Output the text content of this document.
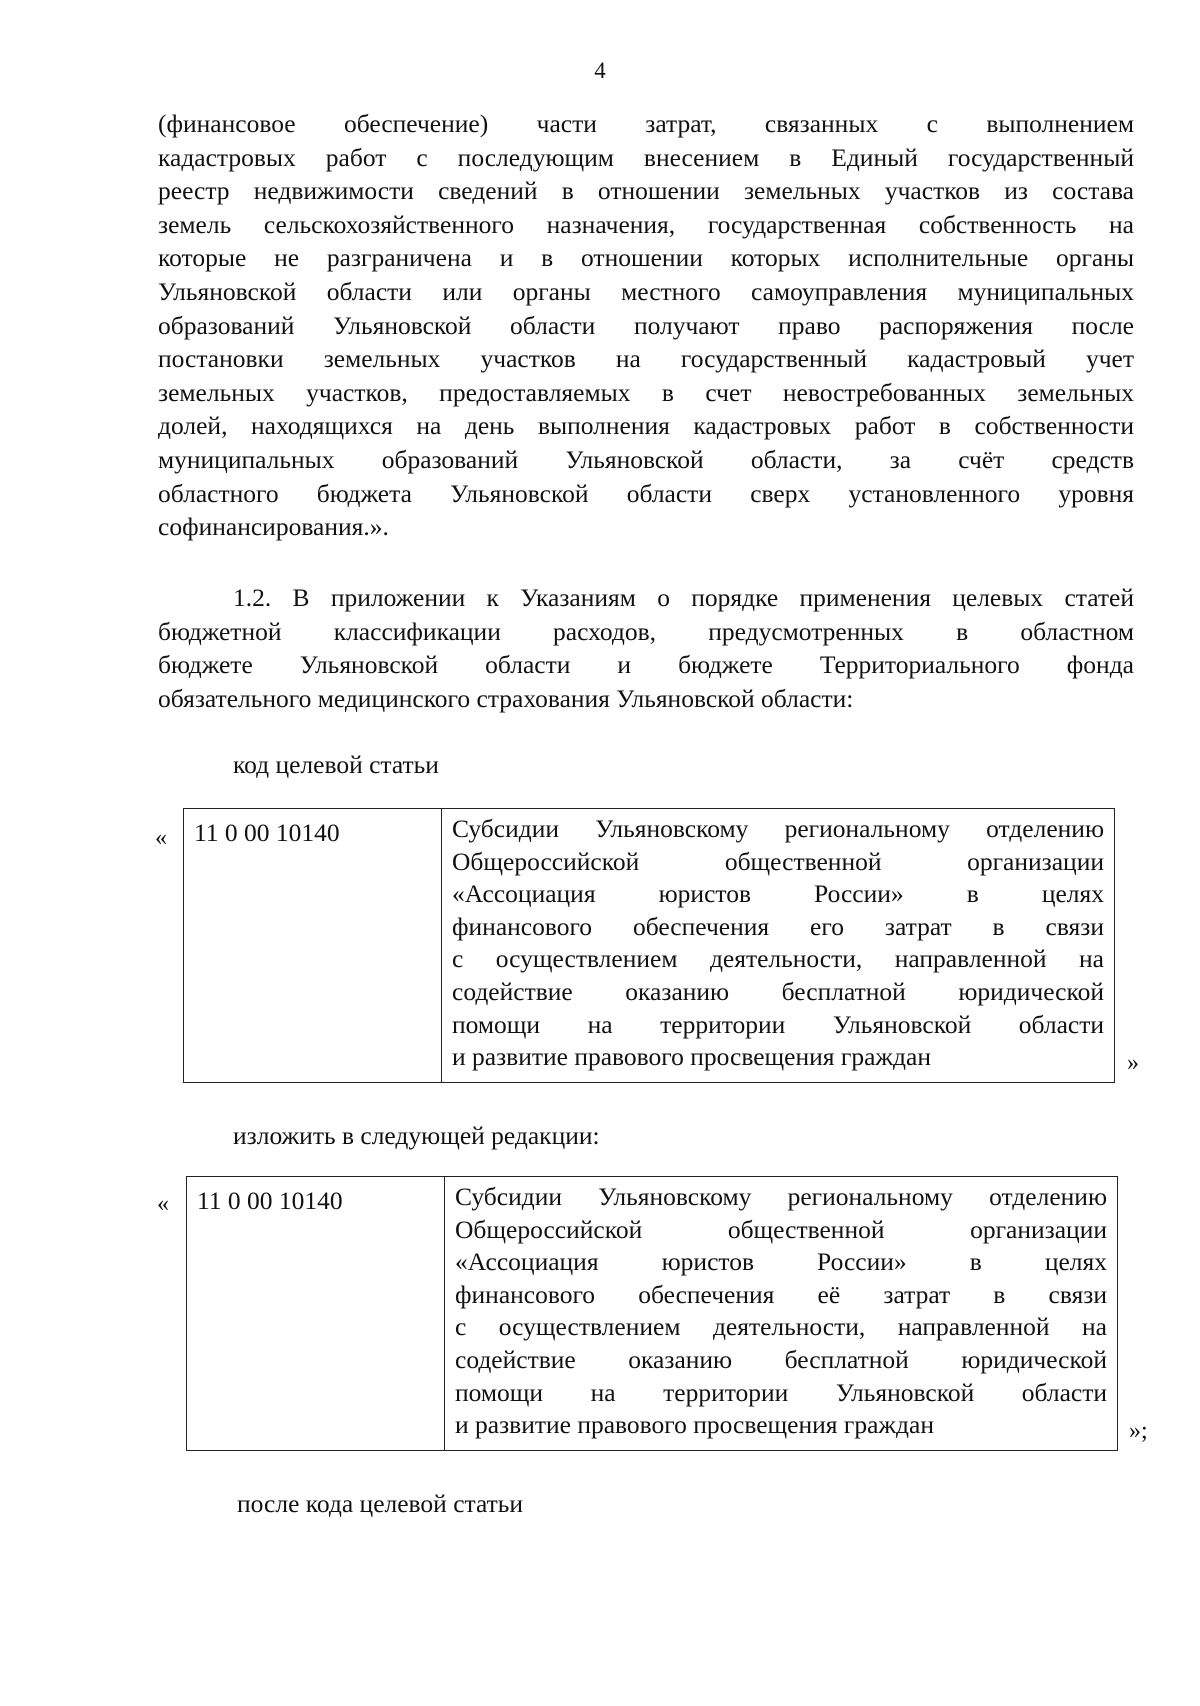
4
(финансовое обеспечение) части затрат, связанных с выполнением
кадастровых работ с последующим внесением в Единый государственный
реестр недвижимости сведений в отношении земельных участков из состава
земель сельскохозяйственного назначения, государственная собственность на
которые не разграничена и в отношении которых исполнительные органы
Ульяновской области или органы местного самоуправления муниципальных
образований Ульяновской области получают право распоряжения после
постановки земельных участков на государственный кадастровый учет
земельных участков, предоставляемых в счет невостребованных земельных
долей, находящихся на день выполнения кадастровых работ в собственности
муниципальных образований Ульяновской области, за счёт средств
областного бюджета Ульяновской области сверх установленного уровня
софинансирования.».
1.2. В приложении к Указаниям о порядке применения целевых статей
бюджетной классификации расходов, предусмотренных в областном
бюджете Ульяновской области и бюджете Территориального фонда
обязательного медицинского страхования Ульяновской области:
код целевой статьи
«	11 0 00 10140	Субсидии Ульяновскому региональному отделению
Общероссийской общественной организации
«Ассоциация юристов России» в целях
финансового обеспечения его затрат в связи
с осуществлением деятельности, направленной на
содействие оказанию бесплатной юридической
помощи на территории Ульяновской области
и развитие правового просвещения граждан	»
изложить в следующей редакции:
«	11 0 00 10140	Субсидии Ульяновскому региональному отделению
Общероссийской общественной организации
«Ассоциация юристов России» в целях
финансового обеспечения её затрат в связи
с осуществлением деятельности, направленной на
содействие оказанию бесплатной юридической
помощи на территории Ульяновской области
и развитие правового просвещения граждан	»;
после кода целевой статьи
